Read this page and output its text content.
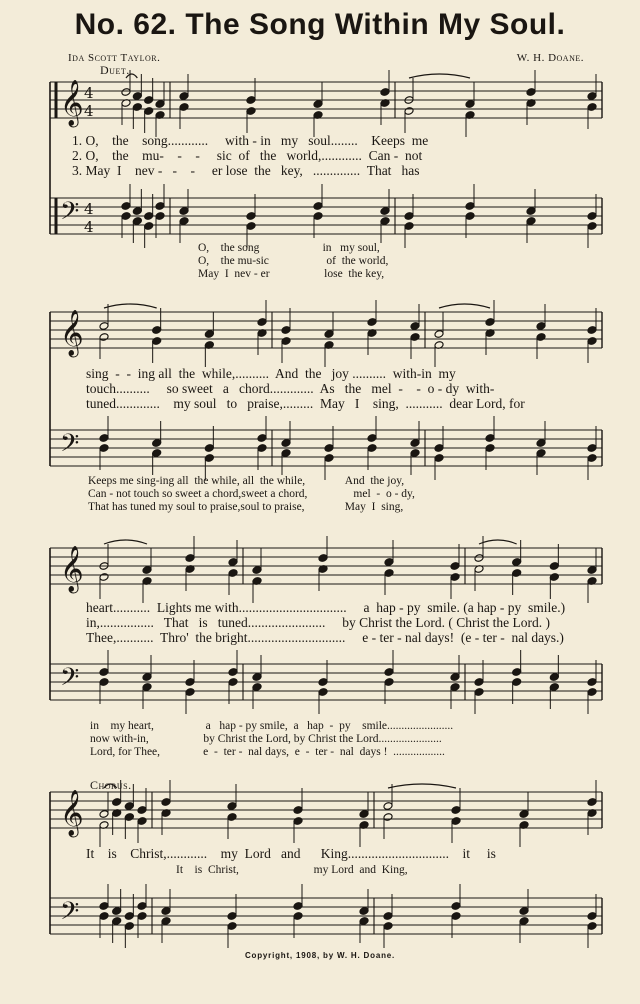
No. 62. The Song Within My Soul.
Ida Scott Taylor.	W. H. Doane.
Duet.
Chorus.
𝄞
𝄢
4
4
4
4
𝄞
𝄢
𝄞
𝄢
𝄞
𝄢
1. O,    the    song............     with - in   my   soul........    Keeps  me
2. O,    the    mu-    -    -     sic  of   the   world,............  Can -  not
3. May  I    nev -   -    -     er lose  the   key,   ..............  That   has
O,    the song                      in   my soul,
O,    the mu-sic                    of  the world,
May  I  nev - er                   lose  the key,
sing  -  -  ing all  the  while,..........  And  the   joy ..........  with-in  my
touch..........     so sweet   a   chord.............  As   the   mel  -    -  o - dy  with-
tuned.............    my soul   to   praise,.........  May   I    sing,  ...........  dear Lord, for
Keeps me sing-ing all  the while, all  the while,              And  the joy,
Can - not touch so sweet a chord,sweet a chord,                mel  -  o - dy,
That has tuned my soul to praise,soul to praise,              May  I  sing,
heart...........  Lights me with................................     a  hap - py  smile. (a hap - py  smile.)
in,................   That   is   tuned.......................     by Christ the Lord. ( Christ the Lord. )
Thee,...........  Thro'  the bright.............................     e - ter - nal days!  (e - ter -  nal days.)
in    my heart,                  a   hap - py smile,  a   hap  -  py    smile.......................
now with-in,                   by Christ the Lord, by Christ the Lord......................
Lord, for Thee,               e  -  ter -  nal days,  e  -  ter -  nal  days !  ..................
It    is    Christ,............    my  Lord   and      King..............................    it     is
It    is  Christ,                          my Lord  and  King,
Copyright, 1908, by W. H. Doane.
